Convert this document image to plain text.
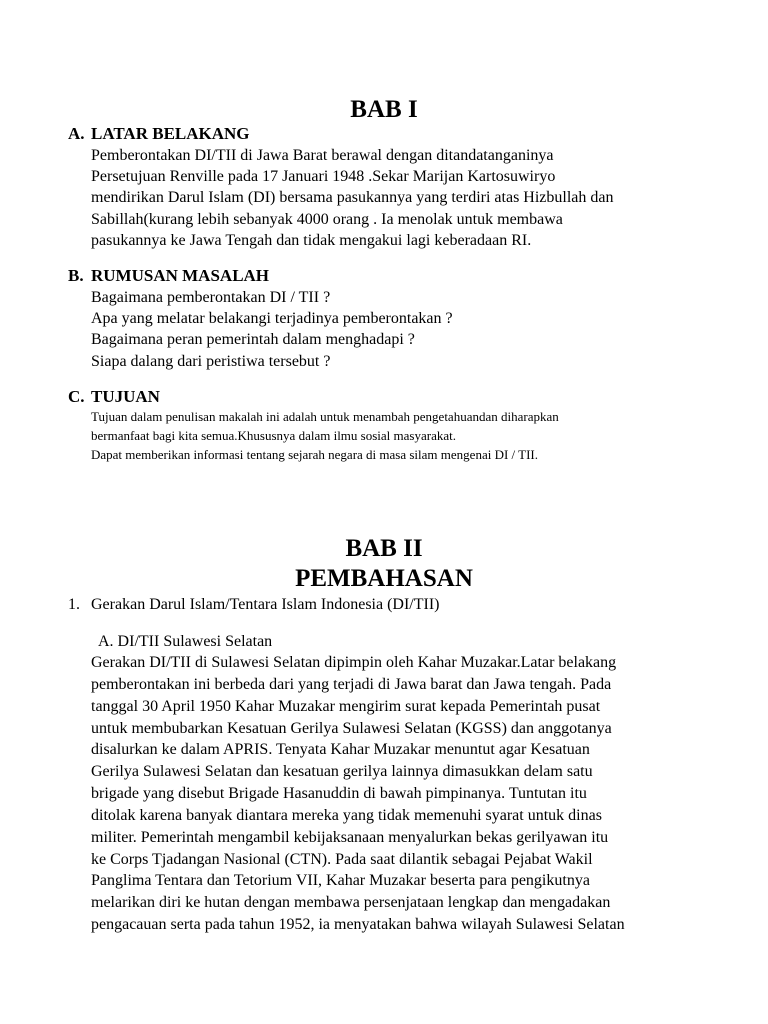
BAB I
A. LATAR BELAKANG
Pemberontakan DI/TII di Jawa Barat berawal dengan ditandatanganinya
Persetujuan Renville pada 17 Januari 1948 .Sekar Marijan Kartosuwiryo
mendirikan Darul Islam (DI) bersama pasukannya yang terdiri atas Hizbullah dan
Sabillah(kurang lebih sebanyak 4000 orang . Ia menolak untuk membawa
pasukannya ke Jawa Tengah dan tidak mengakui lagi keberadaan RI.
B. RUMUSAN MASALAH
Bagaimana pemberontakan DI / TII ?
Apa yang melatar belakangi terjadinya pemberontakan ?
Bagaimana peran pemerintah dalam menghadapi ?
Siapa dalang dari peristiwa tersebut ?
C. TUJUAN
Tujuan dalam penulisan makalah ini adalah untuk menambah pengetahuandan diharapkan
bermanfaat bagi kita semua.Khususnya dalam ilmu sosial masyarakat.
Dapat memberikan informasi tentang sejarah negara di masa silam mengenai DI / TII.
BAB II
PEMBAHASAN
1. Gerakan Darul Islam/Tentara Islam Indonesia (DI/TII)
A. DI/TII Sulawesi Selatan
Gerakan DI/TII di Sulawesi Selatan dipimpin oleh Kahar Muzakar.Latar belakang
pemberontakan ini berbeda dari yang terjadi di Jawa barat dan Jawa tengah. Pada
tanggal 30 April 1950 Kahar Muzakar mengirim surat kepada Pemerintah pusat
untuk membubarkan Kesatuan Gerilya Sulawesi Selatan (KGSS) dan anggotanya
disalurkan ke dalam APRIS. Tenyata Kahar Muzakar menuntut agar Kesatuan
Gerilya Sulawesi Selatan dan kesatuan gerilya lainnya dimasukkan delam satu
brigade yang disebut Brigade Hasanuddin di bawah pimpinanya. Tuntutan itu
ditolak karena banyak diantara mereka yang tidak memenuhi syarat untuk dinas
militer. Pemerintah mengambil kebijaksanaan menyalurkan bekas gerilyawan itu
ke Corps Tjadangan Nasional (CTN). Pada saat dilantik sebagai Pejabat Wakil
Panglima Tentara dan Tetorium VII, Kahar Muzakar beserta para pengikutnya
melarikan diri ke hutan dengan membawa persenjataan lengkap dan mengadakan
pengacauan serta pada tahun 1952, ia menyatakan bahwa wilayah Sulawesi Selatan
